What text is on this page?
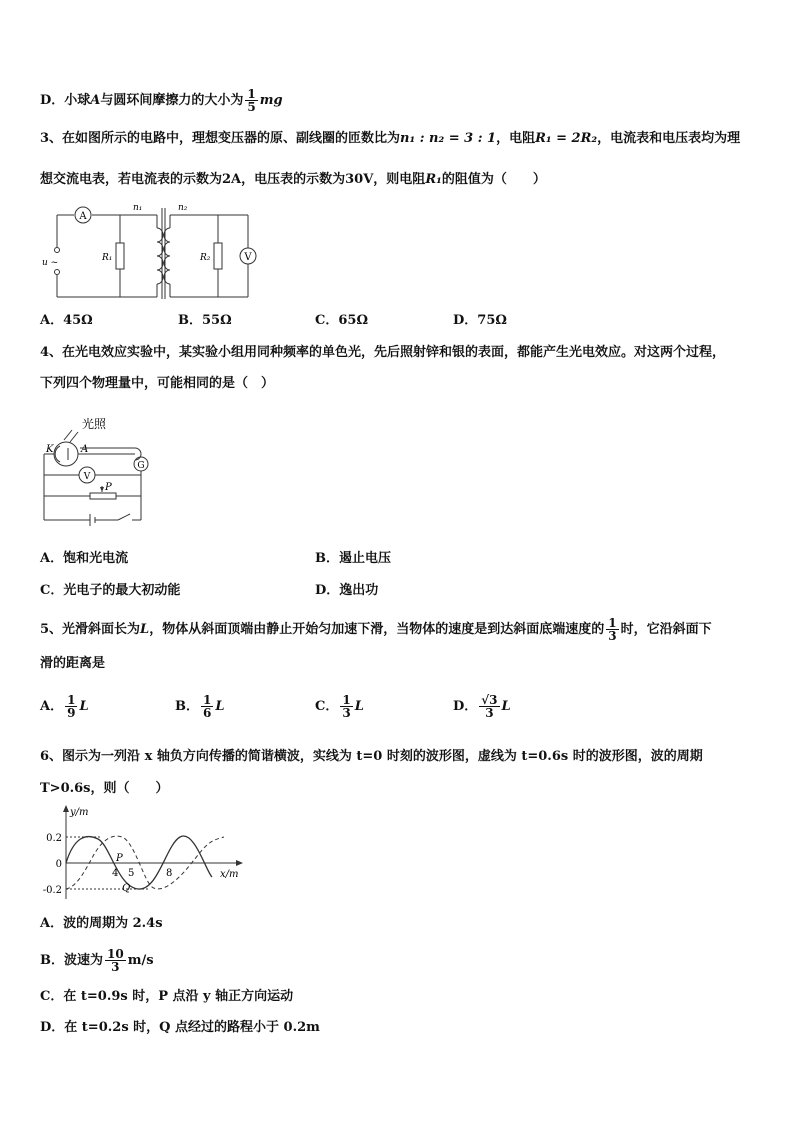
D．小球A与圆环间摩擦力的大小为 $\frac{1}{5}$ mg
3、在如图所示的电路中，理想变压器的原、副线圈的匝数比为n₁ : n₂ = 3 : 1，电阻R₁ = 2R₂，电流表和电压表均为理
想交流电表，若电流表的示数为2A，电压表的示数为30V，则电阻R₁的阻值为（　　）
A
V
n₁	n₂
R₁	R₂
u ~
A．45Ω	B．55Ω	C．65Ω	D．75Ω
4、在光电效应实验中，某实验小组用同种频率的单色光，先后照射锌和银的表面，都能产生光电效应。对这两个过程，
下列四个物理量中，可能相同的是（　）
光照
K	A
V
G
P
A．饱和光电流	B．遏止电压
C．光电子的最大初动能	D．逸出功
5、光滑斜面长为L，物体从斜面顶端由静止开始匀加速下滑，当物体的速度是到达斜面底端速度的 $\frac{1}{3}$ 时，它沿斜面下
滑的距离是
A． $\frac{1}{9}$ L	B． $\frac{1}{6}$ L	C． $\frac{1}{3}$ L	D． $\frac{√3}{3}$ L
6、图示为一列沿 x 轴负方向传播的简谐横波，实线为 t=0 时刻的波形图，虚线为 t=0.6s 时的波形图，波的周期
T>0.6s，则（　　）
y/m
x/m
0.2
0
-0.2
4 5	8
P
Q
A．波的周期为 2.4s
B．波速为 $\frac{10}{3} m/s$
C．在 t=0.9s 时，P 点沿 y 轴正方向运动
D．在 t=0.2s 时，Q 点经过的路程小于 0.2m
